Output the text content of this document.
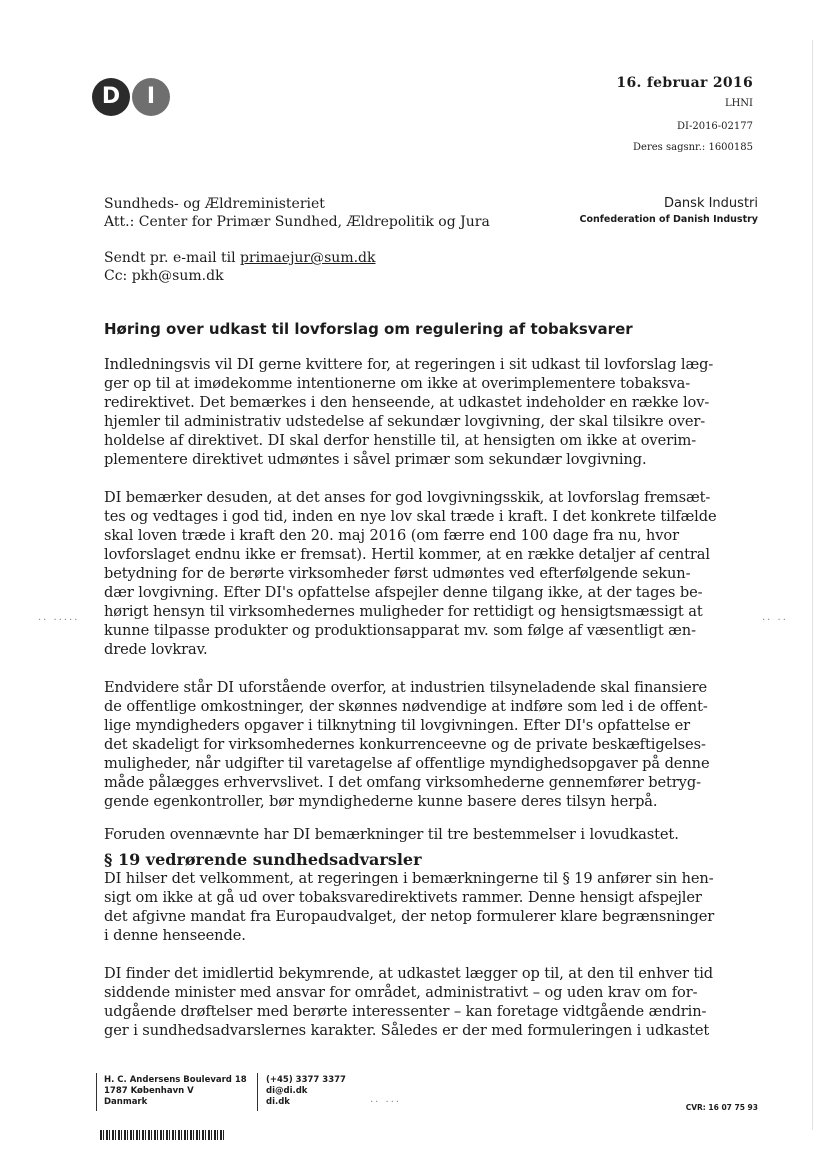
D	I
16. februar 2016
LHNI
DI-2016-02177
Deres sagsnr.: 1600185
Sundheds- og Ældreministeriet
Att.: Center for Primær Sundhed, Ældrepolitik og Jura
Dansk Industri
Confederation of Danish Industry
Sendt pr. e-mail til primaejur@sum.dk
Cc: pkh@sum.dk
Høring over udkast til lovforslag om regulering af tobaksvarer
Indledningsvis vil DI gerne kvittere for, at regeringen i sit udkast til lovforslag læg-
ger op til at imødekomme intentionerne om ikke at overimplementere tobaksva-
redirektivet. Det bemærkes i den henseende, at udkastet indeholder en række lov-
hjemler til administrativ udstedelse af sekundær lovgivning, der skal tilsikre over-
holdelse af direktivet. DI skal derfor henstille til, at hensigten om ikke at overim-
plementere direktivet udmøntes i såvel primær som sekundær lovgivning.
DI bemærker desuden, at det anses for god lovgivningsskik, at lovforslag fremsæt-
tes og vedtages i god tid, inden en nye lov skal træde i kraft. I det konkrete tilfælde
skal loven træde i kraft den 20. maj 2016 (om færre end 100 dage fra nu, hvor
lovforslaget endnu ikke er fremsat). Hertil kommer, at en række detaljer af central
betydning for de berørte virksomheder først udmøntes ved efterfølgende sekun-
dær lovgivning. Efter DI's opfattelse afspejler denne tilgang ikke, at der tages be-
hørigt hensyn til virksomhedernes muligheder for rettidigt og hensigtsmæssigt at
kunne tilpasse produkter og produktionsapparat mv. som følge af væsentligt æn-
drede lovkrav.
Endvidere står DI uforstående overfor, at industrien tilsyneladende skal finansiere
de offentlige omkostninger, der skønnes nødvendige at indføre som led i de offent-
lige myndigheders opgaver i tilknytning til lovgivningen. Efter DI's opfattelse er
det skadeligt for virksomhedernes konkurrenceevne og de private beskæftigelses-
muligheder, når udgifter til varetagelse af offentlige myndighedsopgaver på denne
måde pålægges erhvervslivet. I det omfang virksomhederne gennemfører betryg-
gende egenkontroller, bør myndighederne kunne basere deres tilsyn herpå.
Foruden ovennævnte har DI bemærkninger til tre bestemmelser i lovudkastet.
§ 19 vedrørende sundhedsadvarsler
DI hilser det velkomment, at regeringen i bemærkningerne til § 19 anfører sin hen-
sigt om ikke at gå ud over tobaksvaredirektivets rammer. Denne hensigt afspejler
det afgivne mandat fra Europaudvalget, der netop formulerer klare begrænsninger
i denne henseende.
DI finder det imidlertid bekymrende, at udkastet lægger op til, at den til enhver tid
siddende minister med ansvar for området, administrativt – og uden krav om for-
udgående drøftelser med berørte interessenter – kan foretage vidtgående ændrin-
ger i sundhedsadvarslernes karakter. Således er der med formuleringen i udkastet
·· ·····	·· ··
H. C. Andersens Boulevard 18
1787 København V
Danmark
(+45) 3377 3377
di@di.dk
di.dk	·· ···	CVR: 16 07 75 93
